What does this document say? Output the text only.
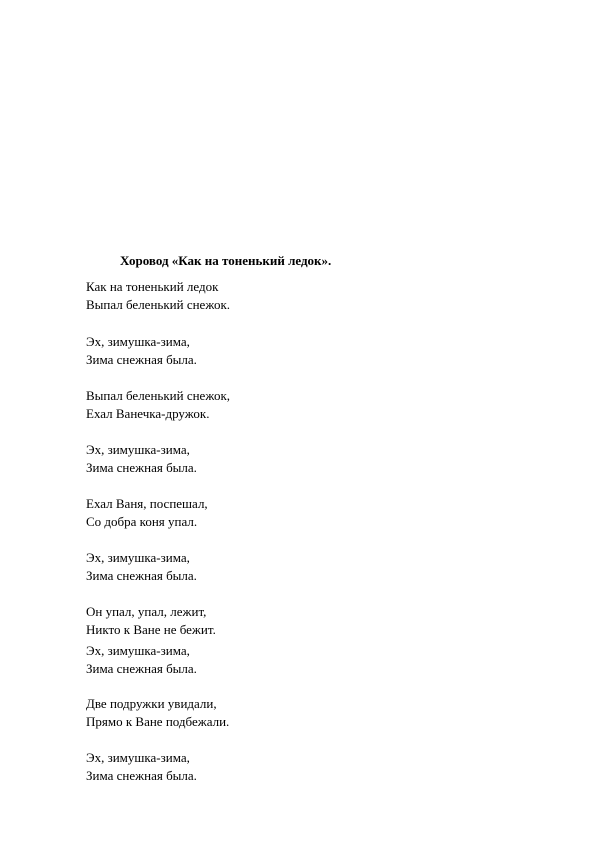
Хоровод «Как на тоненький ледок».
Как на тоненький ледок
Выпал беленький снежок.
Эх, зимушка-зима,
Зима снежная была.
Выпал беленький снежок,
Ехал Ванечка-дружок.
Эх, зимушка-зима,
Зима снежная была.
Ехал Ваня, поспешал,
Со добра коня упал.
Эх, зимушка-зима,
Зима снежная была.
Он упал, упал, лежит,
Никто к Ване не бежит.
Эх, зимушка-зима,
Зима снежная была.
Две подружки увидали,
Прямо к Ване подбежали.
Эх, зимушка-зима,
Зима снежная была.
